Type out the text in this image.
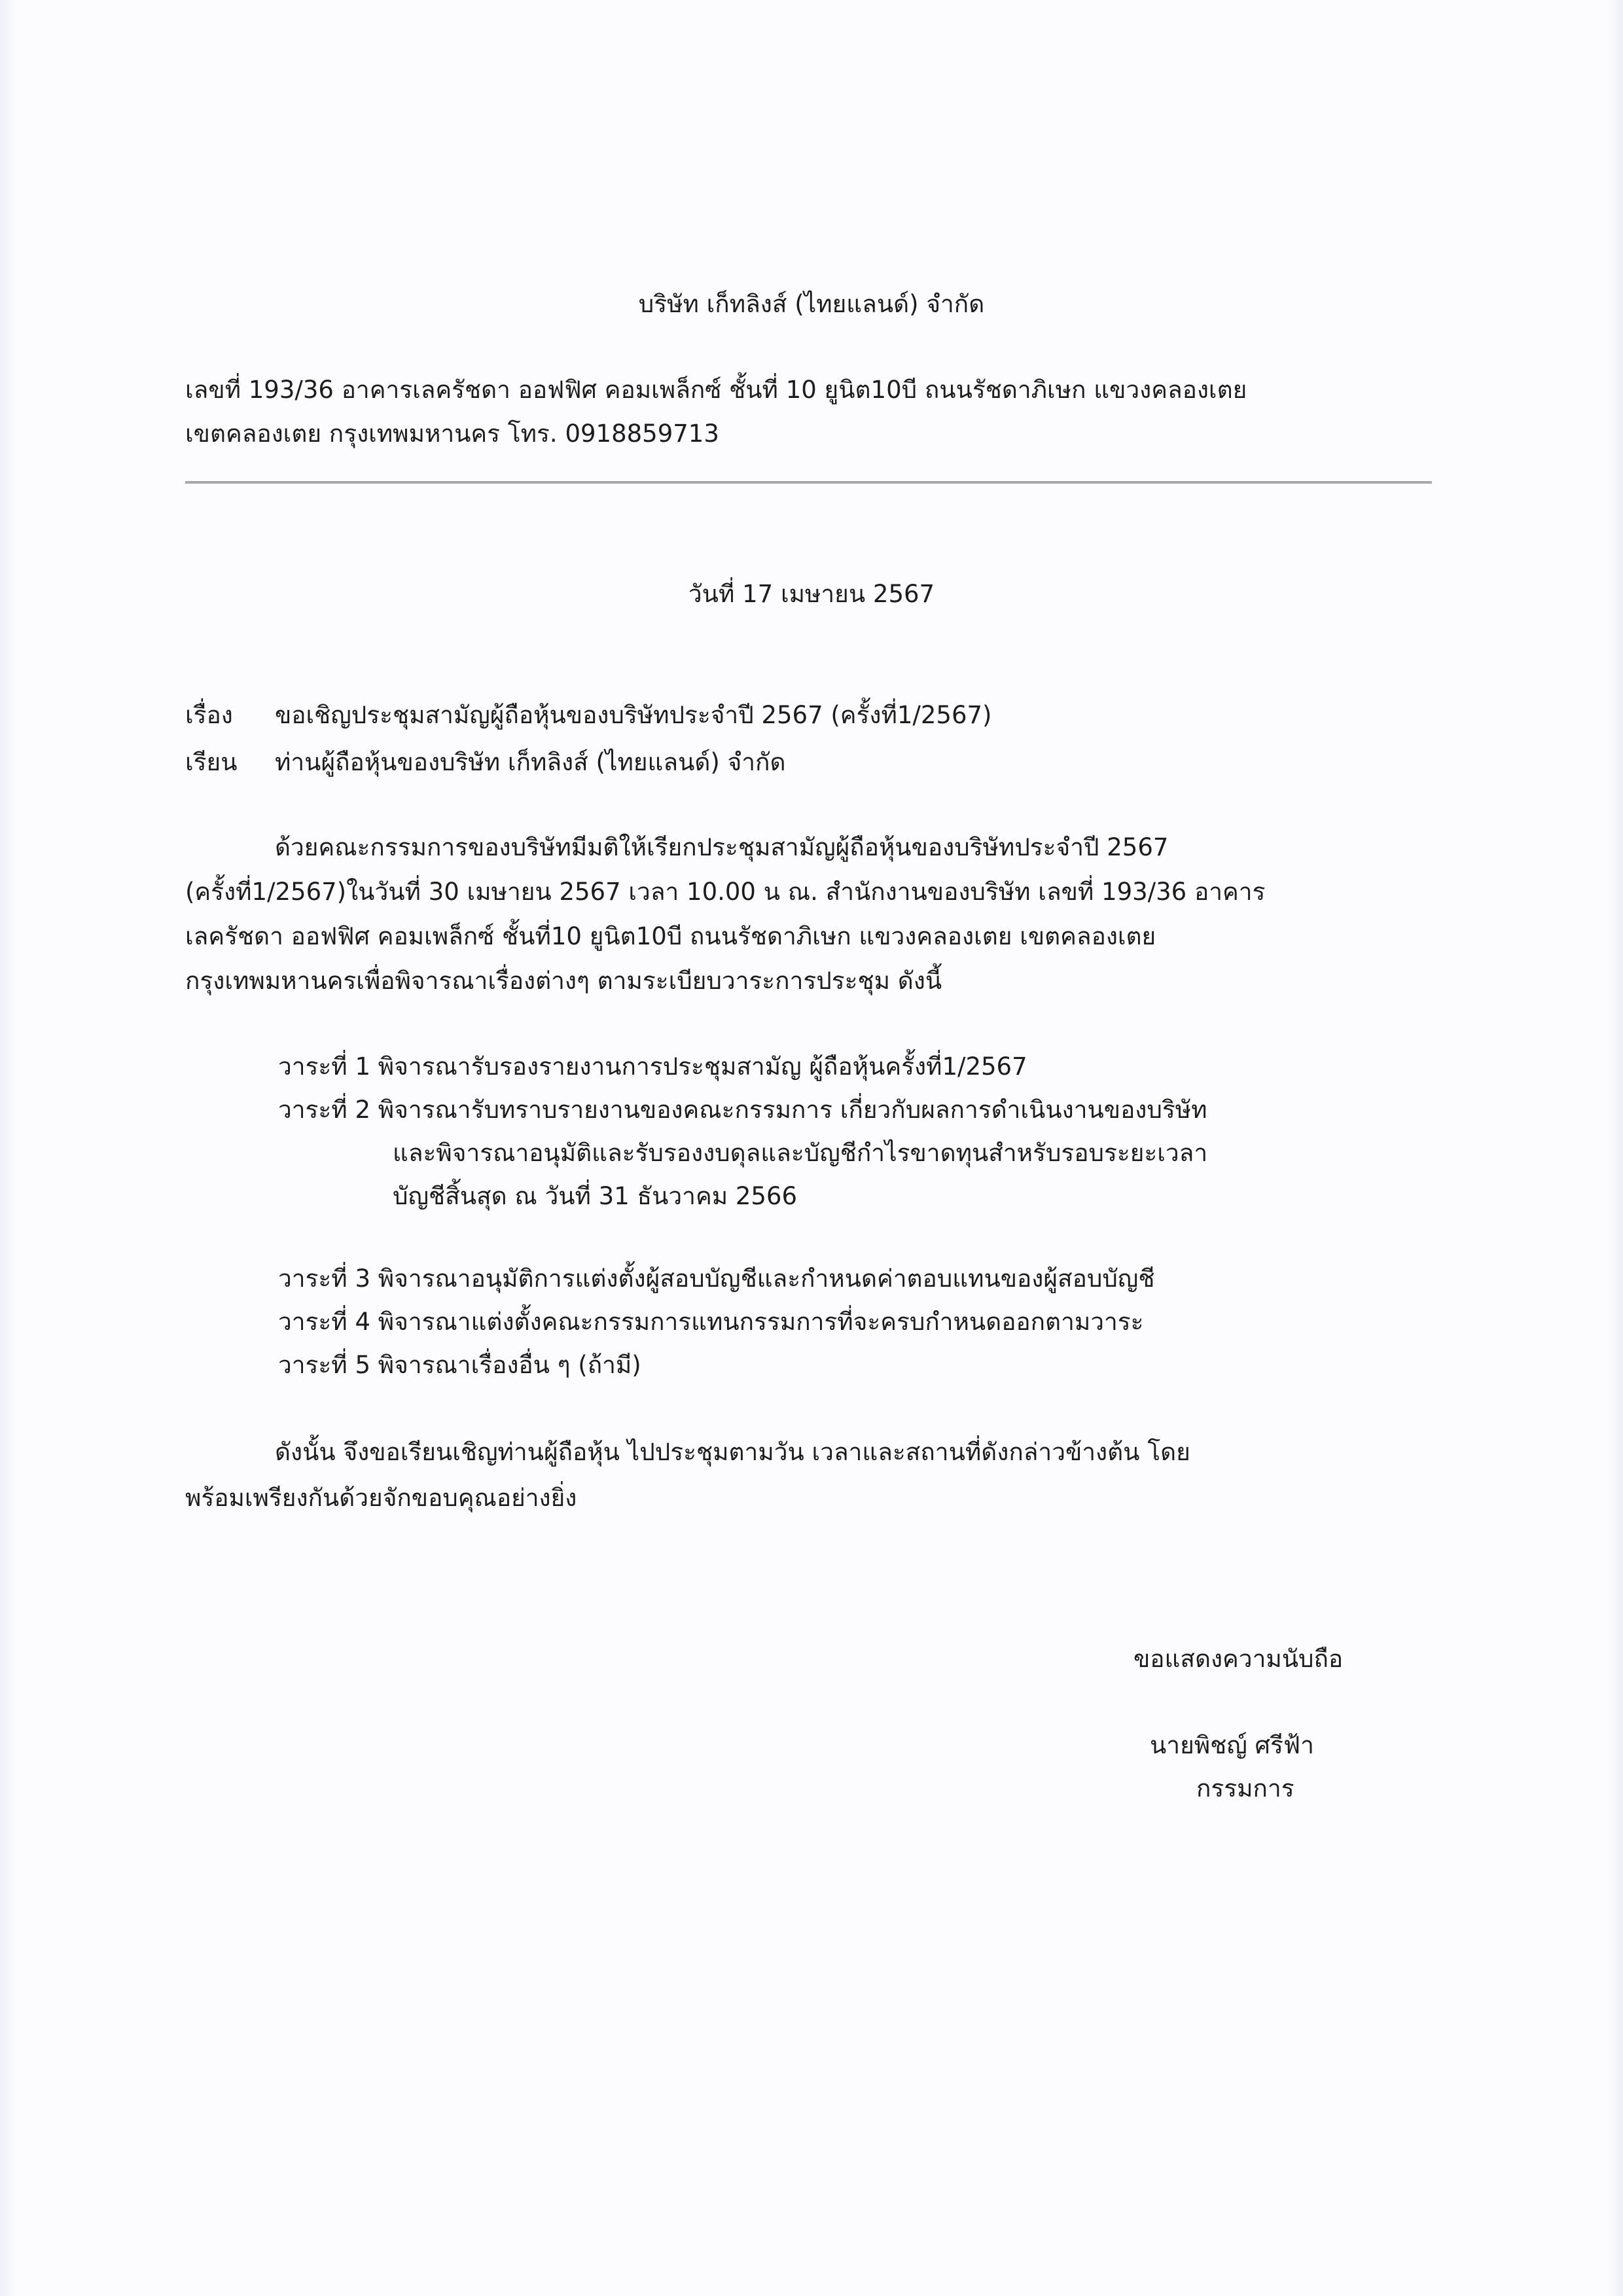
บริษัท เก็ทลิงส์ (ไทยแลนด์) จำกัด
เลขที่ 193/36 อาคารเลครัชดา ออฟฟิศ คอมเพล็กซ์ ชั้นที่ 10 ยูนิต10บี ถนนรัชดาภิเษก แขวงคลองเตย
เขตคลองเตย กรุงเทพมหานคร โทร. 0918859713
วันที่ 17 เมษายน 2567
เรื่อง ขอเชิญประชุมสามัญผู้ถือหุ้นของบริษัทประจำปี 2567 (ครั้งที่1/2567)
เรียน ท่านผู้ถือหุ้นของบริษัท เก็ทลิงส์ (ไทยแลนด์) จำกัด
ด้วยคณะกรรมการของบริษัทมีมติให้เรียกประชุมสามัญผู้ถือหุ้นของบริษัทประจำปี 2567
(ครั้งที่1/2567)ในวันที่ 30 เมษายน 2567 เวลา 10.00 น ณ. สำนักงานของบริษัท เลขที่ 193/36 อาคาร
เลครัชดา ออฟฟิศ คอมเพล็กซ์ ชั้นที่10 ยูนิต10บี ถนนรัชดาภิเษก แขวงคลองเตย เขตคลองเตย
กรุงเทพมหานครเพื่อพิจารณาเรื่องต่างๆ ตามระเบียบวาระการประชุม ดังนี้
วาระที่ 1 พิจารณารับรองรายงานการประชุมสามัญ ผู้ถือหุ้นครั้งที่1/2567
วาระที่ 2 พิจารณารับทราบรายงานของคณะกรรมการ เกี่ยวกับผลการดำเนินงานของบริษัท
และพิจารณาอนุมัติและรับรองงบดุลและบัญชีกำไรขาดทุนสำหรับรอบระยะเวลา
บัญชีสิ้นสุด ณ วันที่ 31 ธันวาคม 2566
วาระที่ 3 พิจารณาอนุมัติการแต่งตั้งผู้สอบบัญชีและกำหนดค่าตอบแทนของผู้สอบบัญชี
วาระที่ 4 พิจารณาแต่งตั้งคณะกรรมการแทนกรรมการที่จะครบกำหนดออกตามวาระ
วาระที่ 5 พิจารณาเรื่องอื่น ๆ (ถ้ามี)
ดังนั้น จึงขอเรียนเชิญท่านผู้ถือหุ้น ไปประชุมตามวัน เวลาและสถานที่ดังกล่าวข้างต้น โดย
พร้อมเพรียงกันด้วยจักขอบคุณอย่างยิ่ง
ขอแสดงความนับถือ
นายพิชญ์ ศรีฟ้า
กรรมการ
